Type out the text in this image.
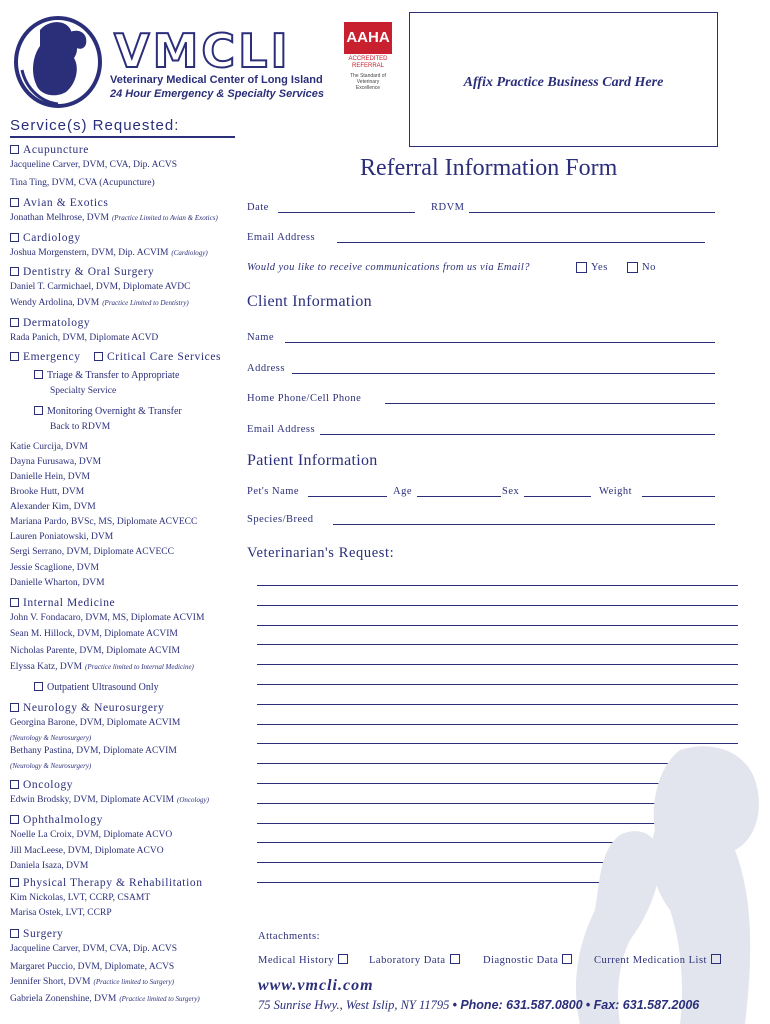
VMCLI
Veterinary Medical Center of Long Island
24 Hour Emergency & Specialty Services
AAHA
ACCREDITED REFERRAL
The Standard of Veterinary Excellence	Affix Practice Business Card Here
Service(s) Requested:
Acupuncture
Jacqueline Carver, DVM, CVA, Dip. ACVS
Tina Ting, DVM, CVA (Acupuncture)
Avian & Exotics
Jonathan Melhrose, DVM (Practice Limited to Avian & Exotics)
Cardiology
Joshua Morgenstern, DVM, Dip. ACVIM (Cardiology)
Dentistry & Oral Surgery
Daniel T. Carmichael, DVM, Diplomate AVDC
Wendy Ardolina, DVM (Practice Limited to Dentistry)
Dermatology
Rada Panich, DVM, Diplomate ACVD
Emergency	Critical Care Services
Triage & Transfer to Appropriate
Specialty Service
Monitoring Overnight & Transfer
Back to RDVM
Katie Curcija, DVM
Dayna Furusawa, DVM
Danielle Hein, DVM
Brooke Hutt, DVM
Alexander Kim, DVM
Mariana Pardo, BVSc, MS, Diplomate ACVECC
Lauren Poniatowski, DVM
Sergi Serrano, DVM, Diplomate ACVECC
Jessie Scaglione, DVM
Danielle Wharton, DVM
Internal Medicine
John V. Fondacaro, DVM, MS, Diplomate ACVIM
Sean M. Hillock, DVM, Diplomate ACVIM
Nicholas Parente, DVM, Diplomate ACVIM
Elyssa Katz, DVM (Practice limited to Internal Medicine)
Outpatient Ultrasound Only
Neurology & Neurosurgery
Georgina Barone, DVM, Diplomate ACVIM
(Neurology & Neurosurgery)
Bethany Pastina, DVM, Diplomate ACVIM
(Neurology & Neurosurgery)
Oncology
Edwin Brodsky, DVM, Diplomate ACVIM (Oncology)
Ophthalmology
Noelle La Croix, DVM, Diplomate ACVO
Jill MacLeese, DVM, Diplomate ACVO
Daniela Isaza, DVM
Physical Therapy & Rehabilitation
Kim Nickolas, LVT, CCRP, CSAMT
Marisa Ostek, LVT, CCRP
Surgery
Jacqueline Carver, DVM, CVA, Dip. ACVS
Margaret Puccio, DVM, Diplomate, ACVS
Jennifer Short, DVM (Practice limited to Surgery)
Gabriela Zonenshine, DVM (Practice limited to Surgery)
Referral Information Form
Date	RDVM
Email Address
Would you like to receive communications from us via Email?	Yes	No
Client Information
Name
Address
Home Phone/Cell Phone
Email Address
Patient Information
Pet's Name	Age	Sex	Weight
Species/Breed
Veterinarian's Request:
Attachments:
Medical History	Laboratory Data	Diagnostic Data	Current Medication List
www.vmcli.com
75 Sunrise Hwy., West Islip, NY 11795 • Phone: 631.587.0800 • Fax: 631.587.2006
